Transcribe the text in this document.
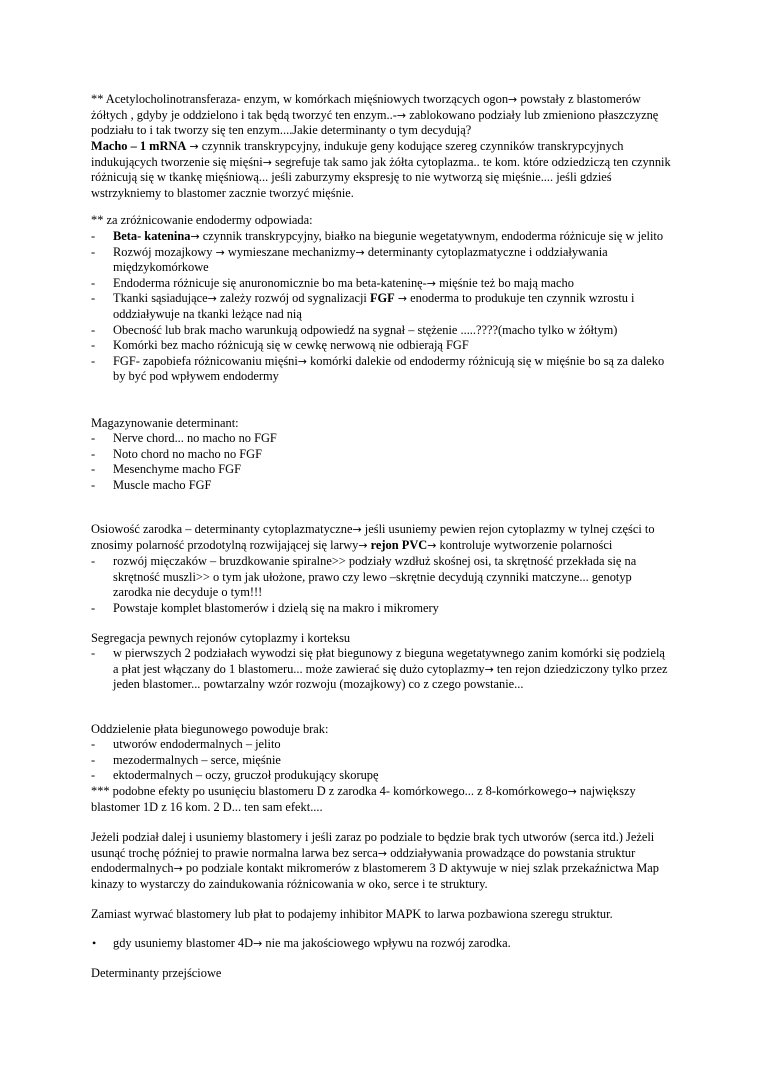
** Acetylocholinotransferaza- enzym, w komórkach mięśniowych tworzących ogon→ powstały z blastomerów żółtych , gdyby je oddzielono i tak będą tworzyć ten enzym..-→ zablokowano podziały lub zmieniono płaszczyznę podziału to i tak tworzy się ten enzym....Jakie determinanty o tym decydują?

Macho – 1 mRNA → czynnik transkrypcyjny, indukuje geny kodujące szereg czynników transkrypcyjnych indukujących tworzenie się mięśni→ segrefuje tak samo jak żółta cytoplazma.. te kom. które odziedziczą ten czynnik różnicują się w tkankę mięśniową... jeśli zaburzymy ekspresję to nie wytworzą się mięśnie.... jeśli gdzieś wstrzykniemy to blastomer zacznie tworzyć mięśnie.

** za zróżnicowanie endodermy odpowiada:

- Beta- katenina→ czynnik transkrypcyjny, białko na biegunie wegetatywnym, endoderma różnicuje się w jelito
- Rozwój mozajkowy → wymieszane mechanizmy→ determinanty cytoplazmatyczne i oddziaływania międzykomórkowe
- Endoderma różnicuje się anuronomicznie bo ma beta-kateninę-→ mięśnie też bo mają macho
- Tkanki sąsiadujące→ zależy rozwój od sygnalizacji FGF → enoderma to produkuje ten czynnik wzrostu i oddziaływuje na tkanki leżące nad nią
- Obecność lub brak macho warunkują odpowiedź na sygnał – stężenie .....????(macho tylko w żółtym)
- Komórki bez macho różnicują się w cewkę nerwową nie odbierają FGF
- FGF- zapobiefa różnicowaniu mięśni→ komórki dalekie od endodermy różnicują się w mięśnie bo są za daleko by być pod wpływem endodermy

Magazynowanie determinant:

- Nerve chord... no macho no FGF
- Noto chord no macho no FGF
- Mesenchyme macho FGF
- Muscle macho FGF

Osiowość zarodka – determinanty cytoplazmatyczne→ jeśli usuniemy pewien rejon cytoplazmy w tylnej części to znosimy polarność przodotylną rozwijającej się larwy→ rejon PVC→ kontroluje wytworzenie polarności

- rozwój mięczaków – bruzdkowanie spiralne>> podziały wzdłuż skośnej osi, ta skrętność przekłada się na skrętność muszli>> o tym jak ułożone, prawo czy lewo –skrętnie decydują czynniki matczyne... genotyp zarodka nie decyduje o tym!!!
- Powstaje komplet blastomerów i dzielą się na makro i mikromery

Segregacja pewnych rejonów cytoplazmy i korteksu

- w pierwszych 2 podziałach wywodzi się płat biegunowy z bieguna wegetatywnego zanim komórki się podzielą a płat jest włączany do 1 blastomeru... może zawierać się dużo cytoplazmy→ ten rejon dziedziczony tylko przez jeden blastomer... powtarzalny wzór rozwoju (mozajkowy) co z czego powstanie...

Oddzielenie płata biegunowego powoduje brak:

- utworów endodermalnych – jelito
- mezodermalnych – serce, mięśnie
- ektodermalnych – oczy, gruczoł produkujący skorupę

*** podobne efekty po usunięciu blastomeru D z zarodka 4- komórkowego... z 8-komórkowego→ największy blastomer 1D z 16 kom. 2 D... ten sam efekt....

Jeżeli podział dalej i usuniemy blastomery i jeśli zaraz po podziale to będzie brak tych utworów (serca itd.) Jeżeli usunąć trochę później to prawie normalna larwa bez serca→ oddziaływania prowadzące do powstania struktur endodermalnych→ po podziale kontakt mikromerów z blastomerem 3 D aktywuje w niej szlak przekaźnictwa Map kinazy to wystarczy do zaindukowania różnicowania w oko, serce i te struktury.

Zamiast wyrwać blastomery lub płat to podajemy inhibitor MAPK to larwa pozbawiona szeregu struktur.

• gdy usuniemy blastomer 4D→ nie ma jakościowego wpływu na rozwój zarodka.

Determinanty przejściowe
